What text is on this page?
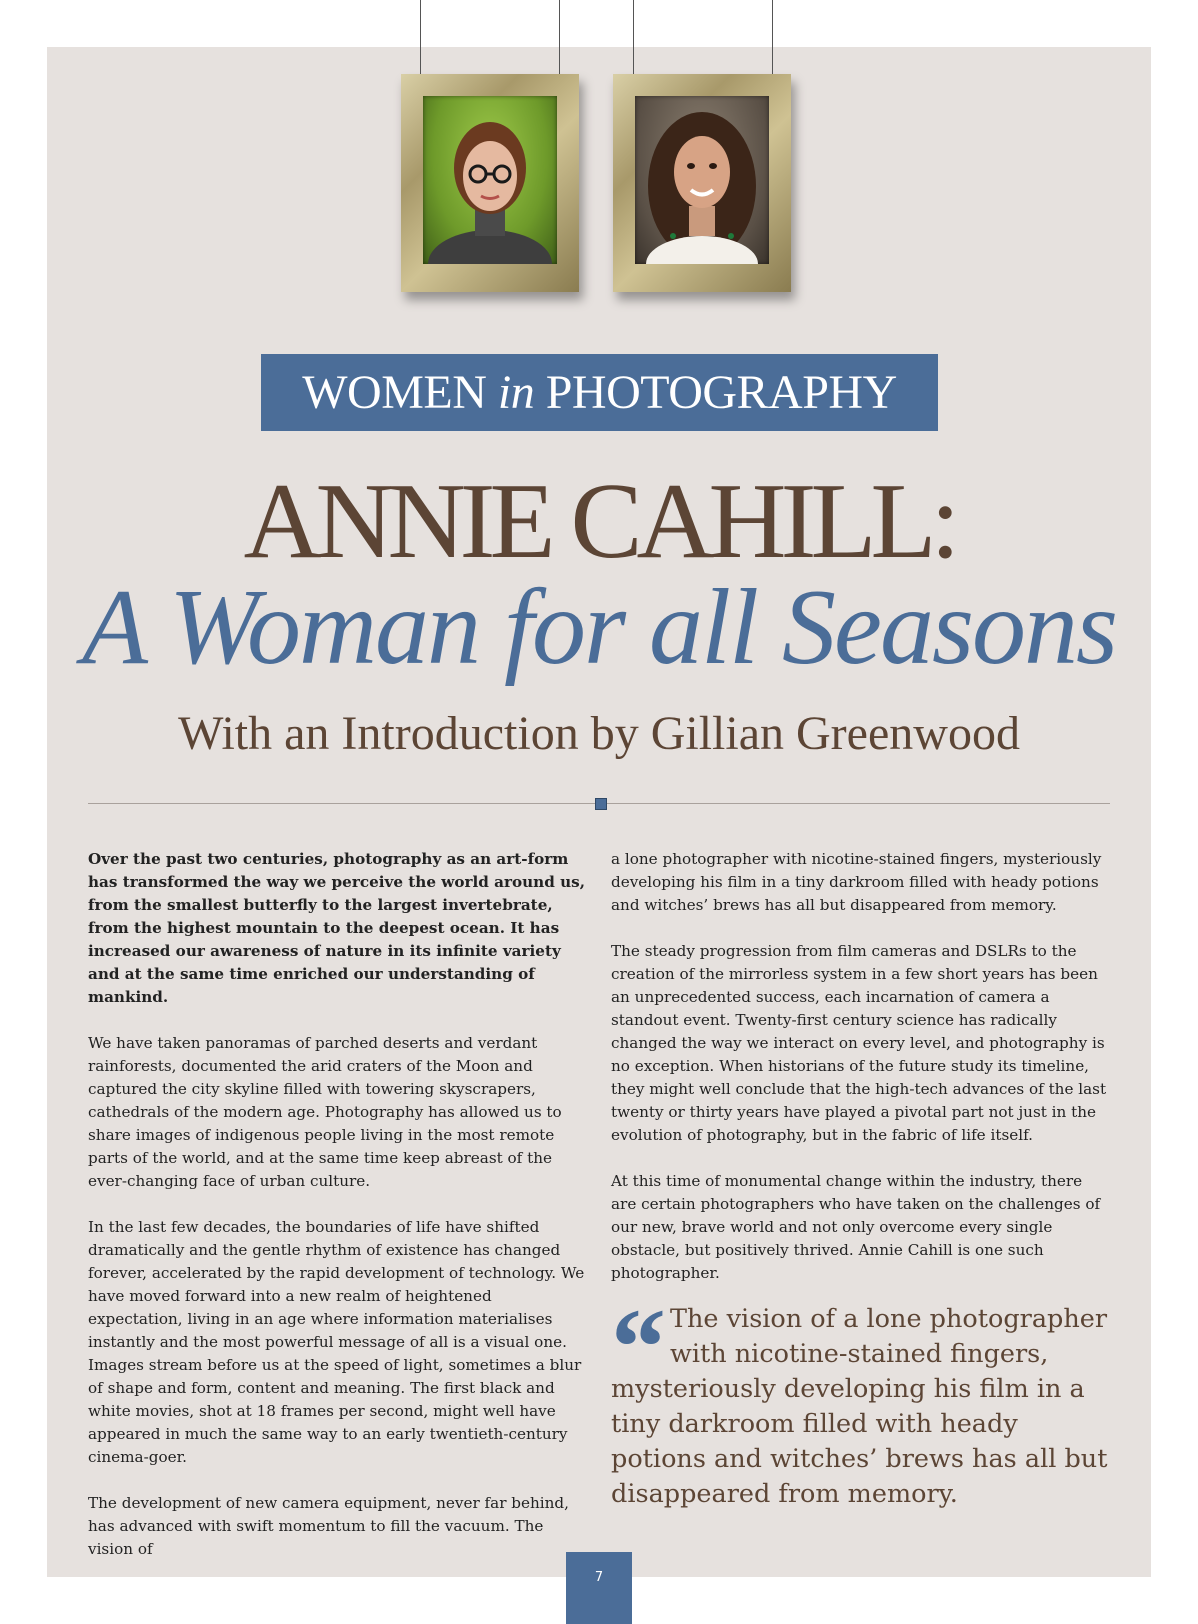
WOMEN in PHOTOGRAPHY
ANNIE CAHILL:
A Woman for all Seasons
With an Introduction by Gillian Greenwood

Over the past two centuries, photography as an art-form has transformed the way we perceive the world around us, from the smallest butterfly to the largest invertebrate, from the highest mountain to the deepest ocean. It has increased our awareness of nature in its infinite variety and at the same time enriched our understanding of mankind.

We have taken panoramas of parched deserts and verdant rainforests, documented the arid craters of the Moon and captured the city skyline filled with towering skyscrapers, cathedrals of the modern age. Photography has allowed us to share images of indigenous people living in the most remote parts of the world, and at the same time keep abreast of the ever-changing face of urban culture.

In the last few decades, the boundaries of life have shifted dramatically and the gentle rhythm of existence has changed forever, accelerated by the rapid development of technology. We have moved forward into a new realm of heightened expectation, living in an age where information materialises instantly and the most powerful message of all is a visual one. Images stream before us at the speed of light, sometimes a blur of shape and form, content and meaning. The first black and white movies, shot at 18 frames per second, might well have appeared in much the same way to an early twentieth-century cinema-goer.

The development of new camera equipment, never far behind, has advanced with swift momentum to fill the vacuum. The vision of

a lone photographer with nicotine-stained fingers, mysteriously developing his film in a tiny darkroom filled with heady potions and witches’ brews has all but disappeared from memory.

The steady progression from film cameras and DSLRs to the creation of the mirrorless system in a few short years has been an unprecedented success, each incarnation of camera a standout event. Twenty-first century science has radically changed the way we interact on every level, and photography is no exception. When historians of the future study its timeline, they might well conclude that the high-tech advances of the last twenty or thirty years have played a pivotal part not just in the evolution of photography, but in the fabric of life itself.

At this time of monumental change within the industry, there are certain photographers who have taken on the challenges of our new, brave world and not only overcome every single obstacle, but positively thrived. Annie Cahill is one such photographer.

“ The vision of a lone photographer with nicotine-stained fingers, mysteriously developing his film in a tiny darkroom filled with heady potions and witches’ brews has all but disappeared from memory.
7
